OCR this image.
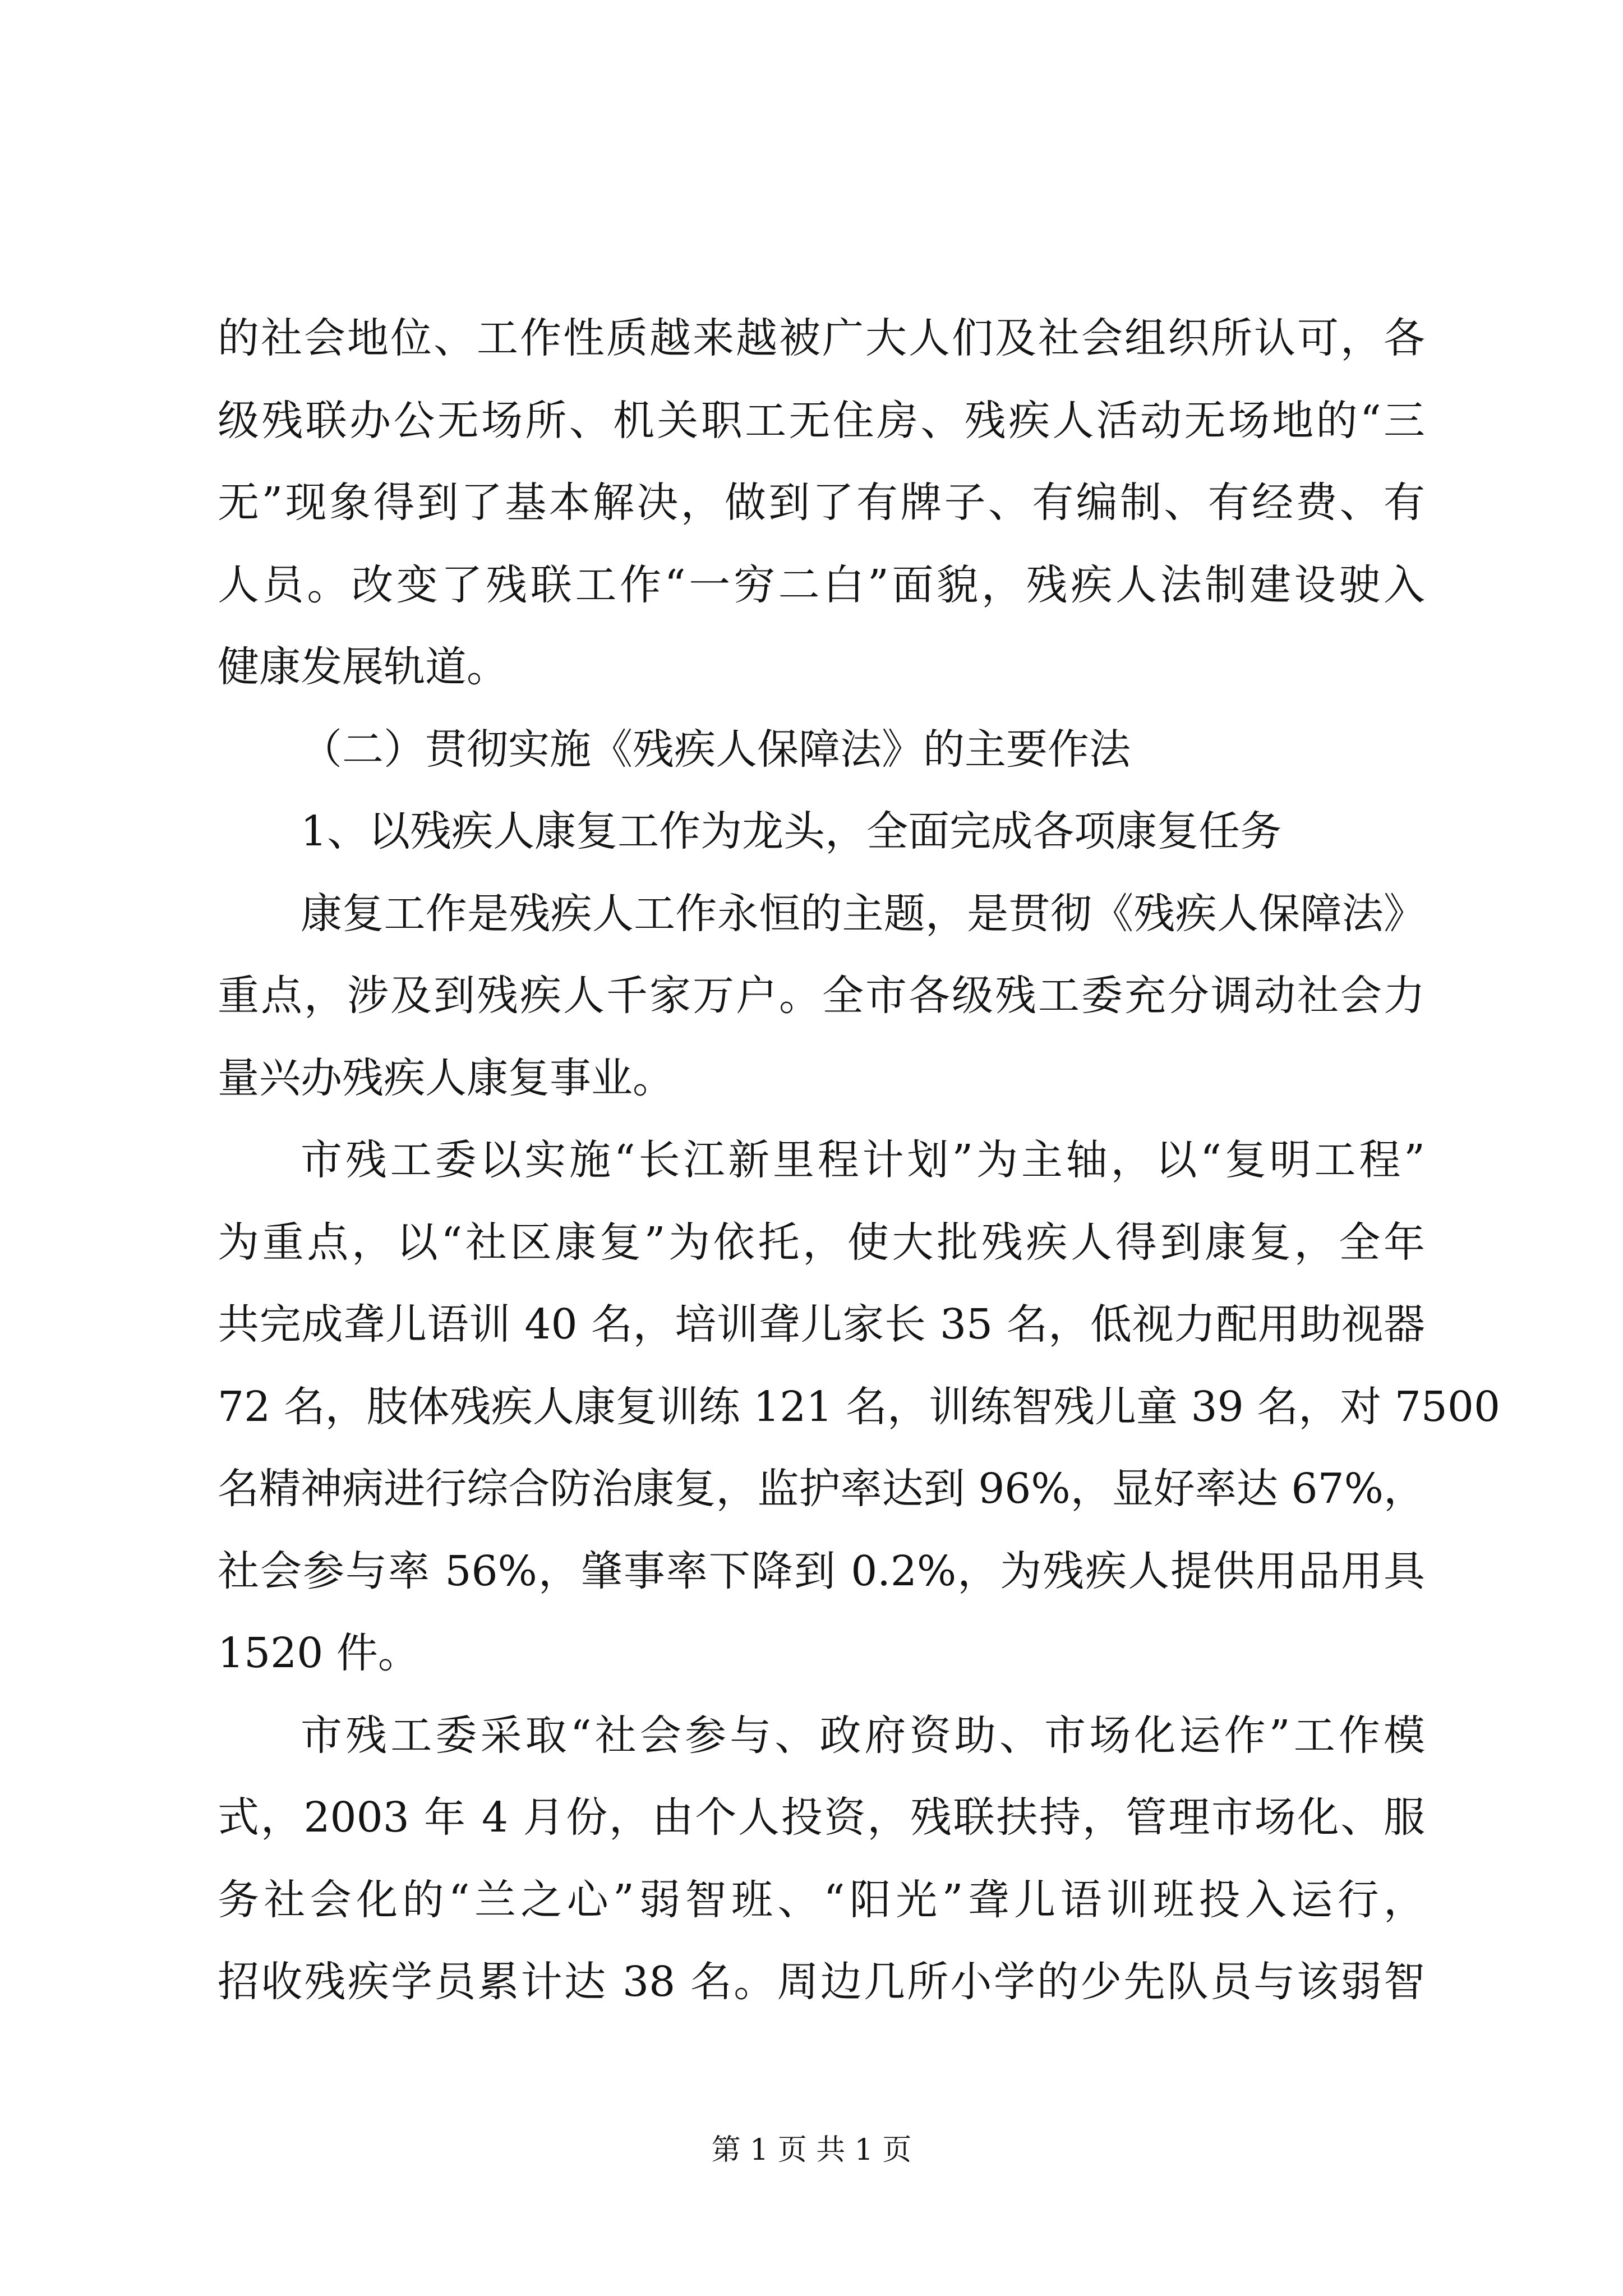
的社会地位、工作性质越来越被广大人们及社会组织所认可，各
级残联办公无场所、机关职工无住房、残疾人活动无场地的“三
无”现象得到了基本解决，做到了有牌子、有编制、有经费、有
人员。改变了残联工作“一穷二白”面貌，残疾人法制建设驶入
健康发展轨道。
（二）贯彻实施《残疾人保障法》的主要作法
1、以残疾人康复工作为龙头，全面完成各项康复任务
康复工作是残疾人工作永恒的主题，是贯彻《残疾人保障法》
重点，涉及到残疾人千家万户。全市各级残工委充分调动社会力
量兴办残疾人康复事业。
市残工委以实施“长江新里程计划”为主轴，以“复明工程”
为重点，以“社区康复”为依托，使大批残疾人得到康复，全年
共完成聋儿语训 40 名，培训聋儿家长 35 名，低视力配用助视器
72 名，肢体残疾人康复训练 121 名，训练智残儿童 39 名，对 7500
名精神病进行综合防治康复，监护率达到 96%，显好率达 67%，
社会参与率 56%，肇事率下降到 0.2%，为残疾人提供用品用具
1520 件。
市残工委采取“社会参与、政府资助、市场化运作”工作模
式，2003 年 4 月份，由个人投资，残联扶持，管理市场化、服
务社会化的“兰之心”弱智班、“阳光”聋儿语训班投入运行，
招收残疾学员累计达 38 名。周边几所小学的少先队员与该弱智
第 1 页 共 1 页
